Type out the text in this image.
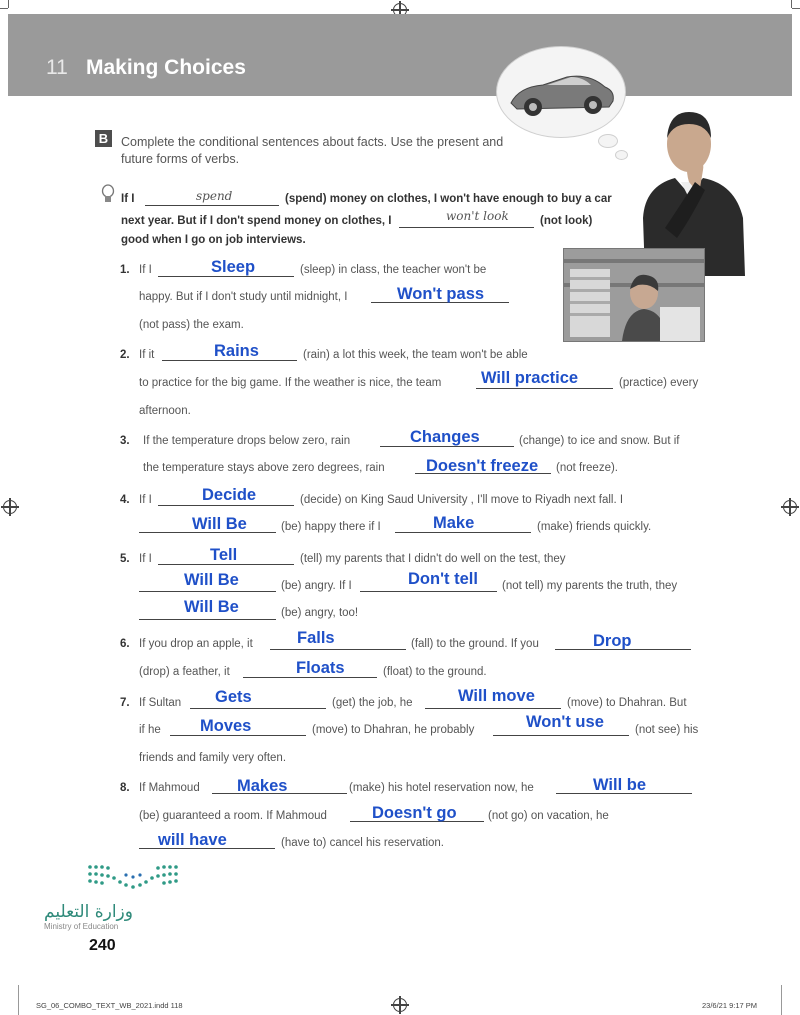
11 Making Choices
B	Complete the conditional sentences about facts. Use the present and future forms of verbs.
If I	spend	(spend) money on clothes, I won't have enough to buy a car
next year. But if I don't spend money on clothes, I	won't look	(not look)
good when I go on job interviews.
1. If I	Sleep	(sleep) in class, the teacher won't be
happy. But if I don't study until midnight, I	Won't pass
(not pass) the exam.
2. If it	Rains	(rain) a lot this week, the team won't be able
to practice for the big game. If the weather is nice, the team Will practice	(practice) every
afternoon.
3. If the temperature drops below zero, rain	Changes	(change) to ice and snow. But if
the temperature stays above zero degrees, rain	Doesn't freeze (not freeze).
4. If I	Decide	(decide) on King Saud University , I'll move to Riyadh next fall. I
Will Be	(be) happy there if I	Make	(make) friends quickly.
5. If I	Tell	(tell) my parents that I didn't do well on the test, they
Will Be	(be) angry. If I	Don't tell (not tell) my parents the truth, they
Will Be	(be) angry, too!
6. If you drop an apple, it	Falls	(fall) to the ground. If you	Drop
(drop) a feather, it	Floats	(float) to the ground.
7. If Sultan Gets	(get) the job, he	Will move	(move) to Dhahran. But
if he Moves	(move) to Dhahran, he probably	Won't use	(not see) his
friends and family very often.
8. If Mahmoud Makes	(make) his hotel reservation now, he	Will be
(be) guaranteed a room. If Mahmoud	Doesn't go	(not go) on vacation, he
will have	(have to) cancel his reservation.
وزارة التعليم
Ministry of Education
240
SG_06_COMBO_TEXT_WB_2021.indd 118	23/6/21 9:17 PM
